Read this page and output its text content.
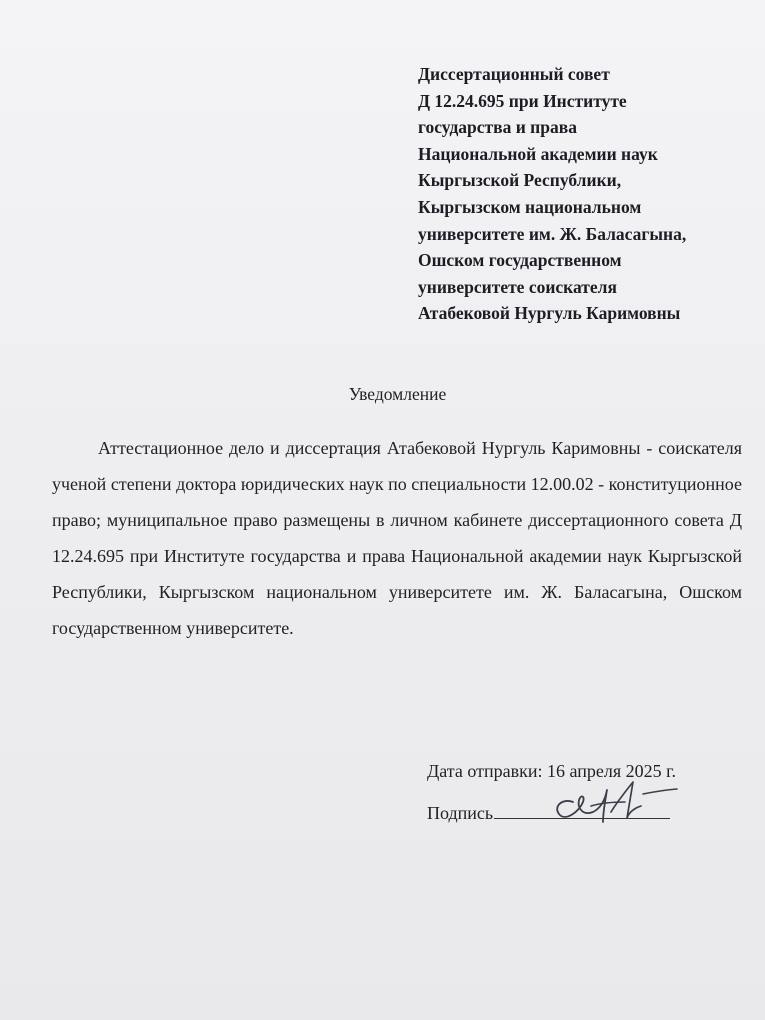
Диссертационный совет
Д 12.24.695 при Институте
государства и права
Национальной академии наук
Кыргызской Республики,
Кыргызском национальном
университете им. Ж. Баласагына,
Ошском государственном
университете соискателя
Атабековой Нургуль Каримовны
Уведомление
Аттестационное дело и диссертация Атабековой Нургуль Каримовны - соискателя ученой степени доктора юридических наук по специальности 12.00.02 - конституционное право; муниципальное право размещены в личном кабинете диссертационного совета Д 12.24.695 при Институте государства и права Национальной академии наук Кыргызской Республики, Кыргызском национальном университете им. Ж. Баласагына, Ошском государственном университете.
Дата отправки: 16 апреля 2025 г.
Подпись
